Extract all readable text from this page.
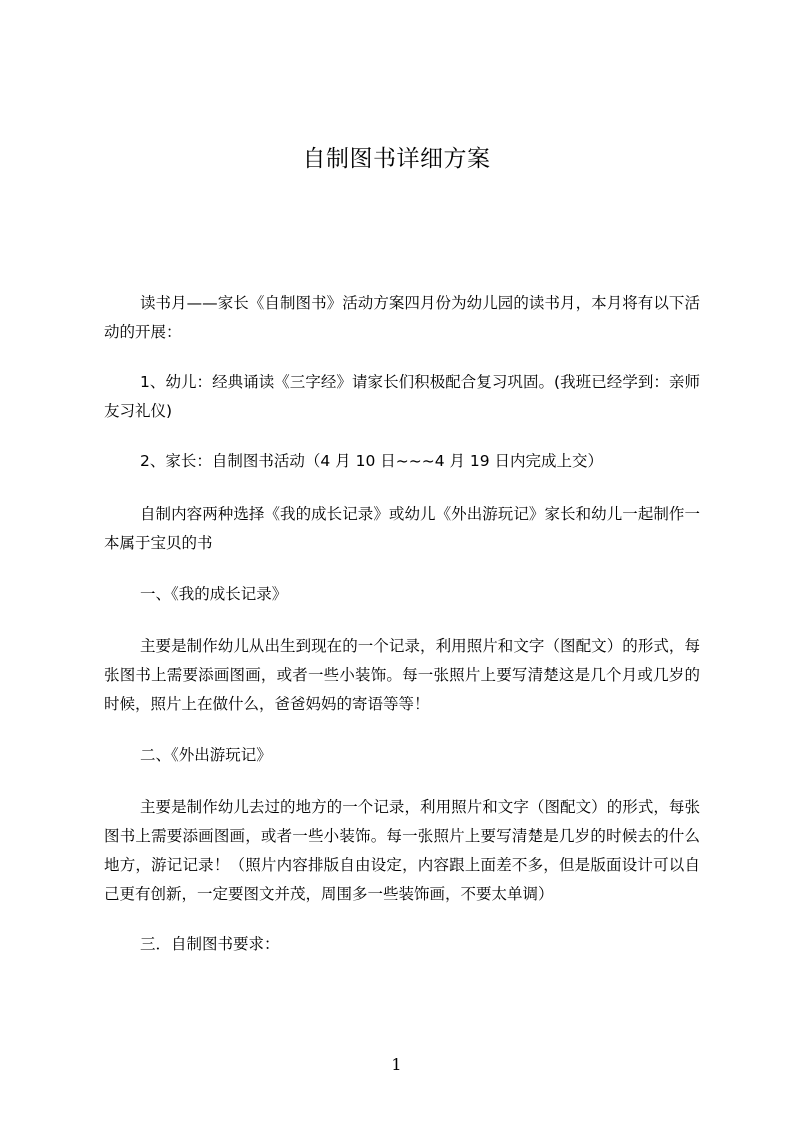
自制图书详细方案

读书月——家长《自制图书》活动方案四月份为幼儿园的读书月，本月将有以下活动的开展：

1、幼儿：经典诵读《三字经》请家长们积极配合复习巩固。(我班已经学到：亲师友习礼仪)

2、家长：自制图书活动（4 月 10 日~~~4 月 19 日内完成上交）

自制内容两种选择《我的成长记录》或幼儿《外出游玩记》家长和幼儿一起制作一本属于宝贝的书

一、《我的成长记录》

主要是制作幼儿从出生到现在的一个记录，利用照片和文字（图配文）的形式，每张图书上需要添画图画，或者一些小装饰。每一张照片上要写清楚这是几个月或几岁的时候，照片上在做什么，爸爸妈妈的寄语等等！

二、《外出游玩记》

主要是制作幼儿去过的地方的一个记录，利用照片和文字（图配文）的形式，每张图书上需要添画图画，或者一些小装饰。每一张照片上要写清楚是几岁的时候去的什么地方，游记记录！（照片内容排版自由设定，内容跟上面差不多，但是版面设计可以自己更有创新，一定要图文并茂，周围多一些装饰画，不要太单调）

三．自制图书要求：

1
